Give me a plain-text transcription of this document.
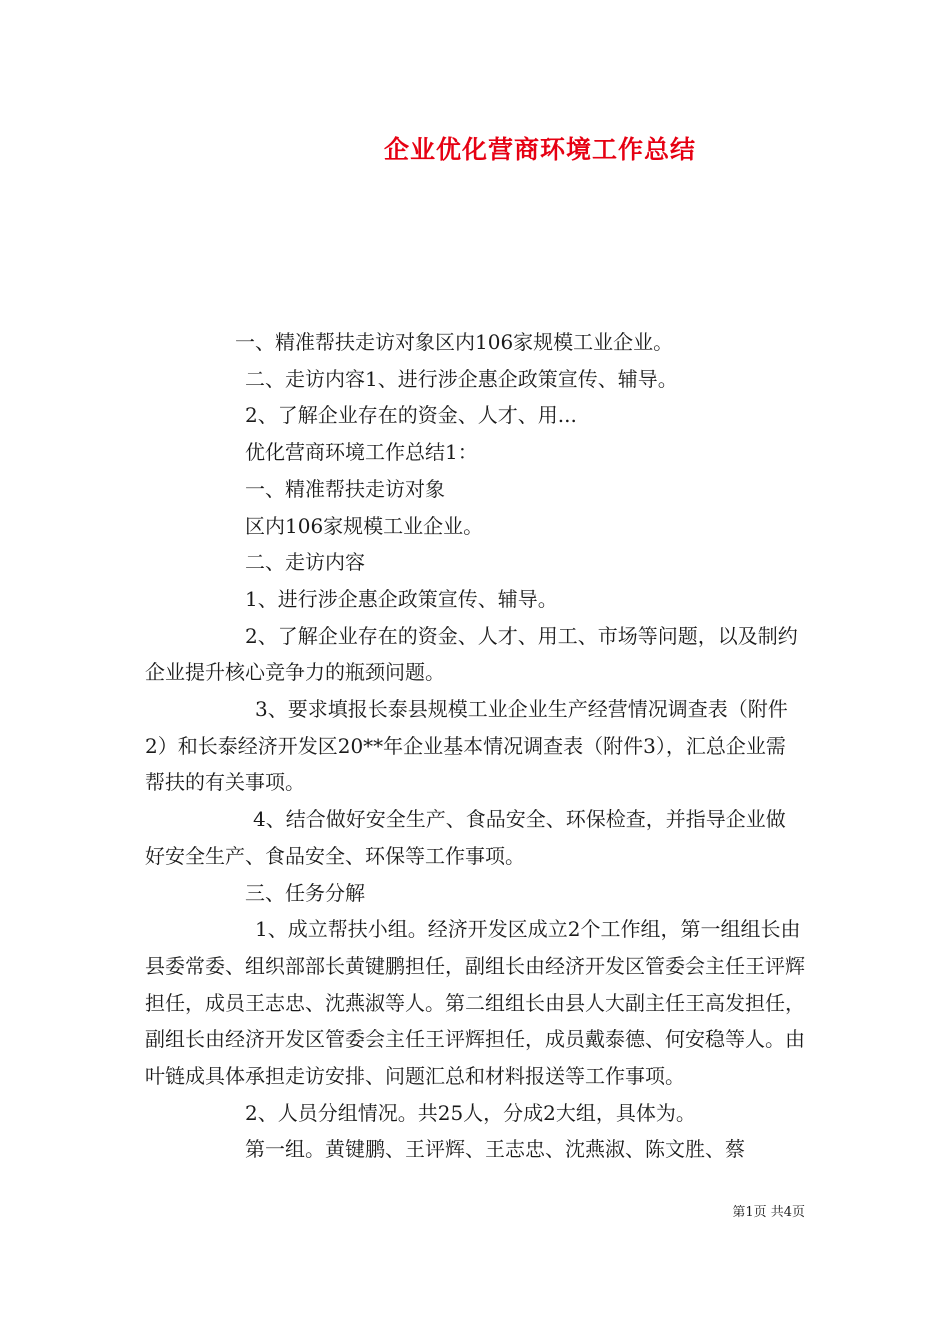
企业优化营商环境工作总结

一、精准帮扶走访对象区内106家规模工业企业。

二、走访内容1、进行涉企惠企政策宣传、辅导。

2、了解企业存在的资金、人才、用...

优化营商环境工作总结1：

一、精准帮扶走访对象

区内106家规模工业企业。

二、走访内容

1、进行涉企惠企政策宣传、辅导。

2、了解企业存在的资金、人才、用工、市场等问题，以及制约企业提升核心竞争力的瓶颈问题。

3、要求填报长泰县规模工业企业生产经营情况调查表（附件2）和长泰经济开发区20**年企业基本情况调查表（附件3），汇总企业需帮扶的有关事项。

4、结合做好安全生产、食品安全、环保检查，并指导企业做好安全生产、食品安全、环保等工作事项。

三、任务分解

1、成立帮扶小组。经济开发区成立2个工作组，第一组组长由县委常委、组织部部长黄键鹏担任，副组长由经济开发区管委会主任王评辉担任，成员王志忠、沈燕淑等人。第二组组长由县人大副主任王高发担任，副组长由经济开发区管委会主任王评辉担任，成员戴泰德、何安稳等人。由叶链成具体承担走访安排、问题汇总和材料报送等工作事项。

2、人员分组情况。共25人，分成2大组，具体为。

第一组。黄键鹏、王评辉、王志忠、沈燕淑、陈文胜、蔡

第1页 共4页
